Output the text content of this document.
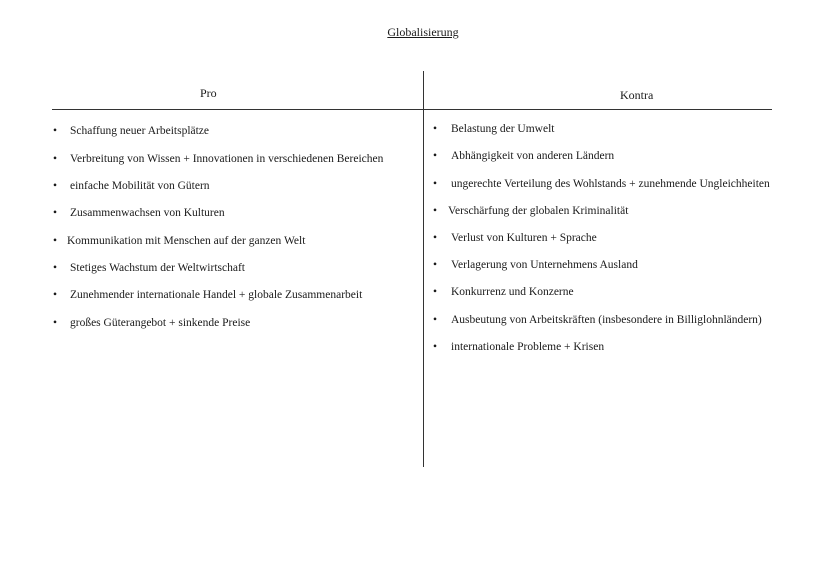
Globalisierung
Pro	Kontra
• Schaffung neuer Arbeitsplätze
• Verbreitung von Wissen + Innovationen in verschiedenen Bereichen
• einfache Mobilität von Gütern
• Zusammenwachsen von Kulturen
• Kommunikation mit Menschen auf der ganzen Welt
• Stetiges Wachstum der Weltwirtschaft
• Zunehmender internationale Handel + globale Zusammenarbeit
• großes Güterangebot + sinkende Preise
• Belastung der Umwelt
• Abhängigkeit von anderen Ländern
• ungerechte Verteilung des Wohlstands + zunehmende Ungleichheiten
• Verschärfung der globalen Kriminalität
• Verlust von Kulturen + Sprache
• Verlagerung von Unternehmens Ausland
• Konkurrenz und Konzerne
• Ausbeutung von Arbeitskräften (insbesondere in Billiglohnländern)
• internationale Probleme + Krisen
